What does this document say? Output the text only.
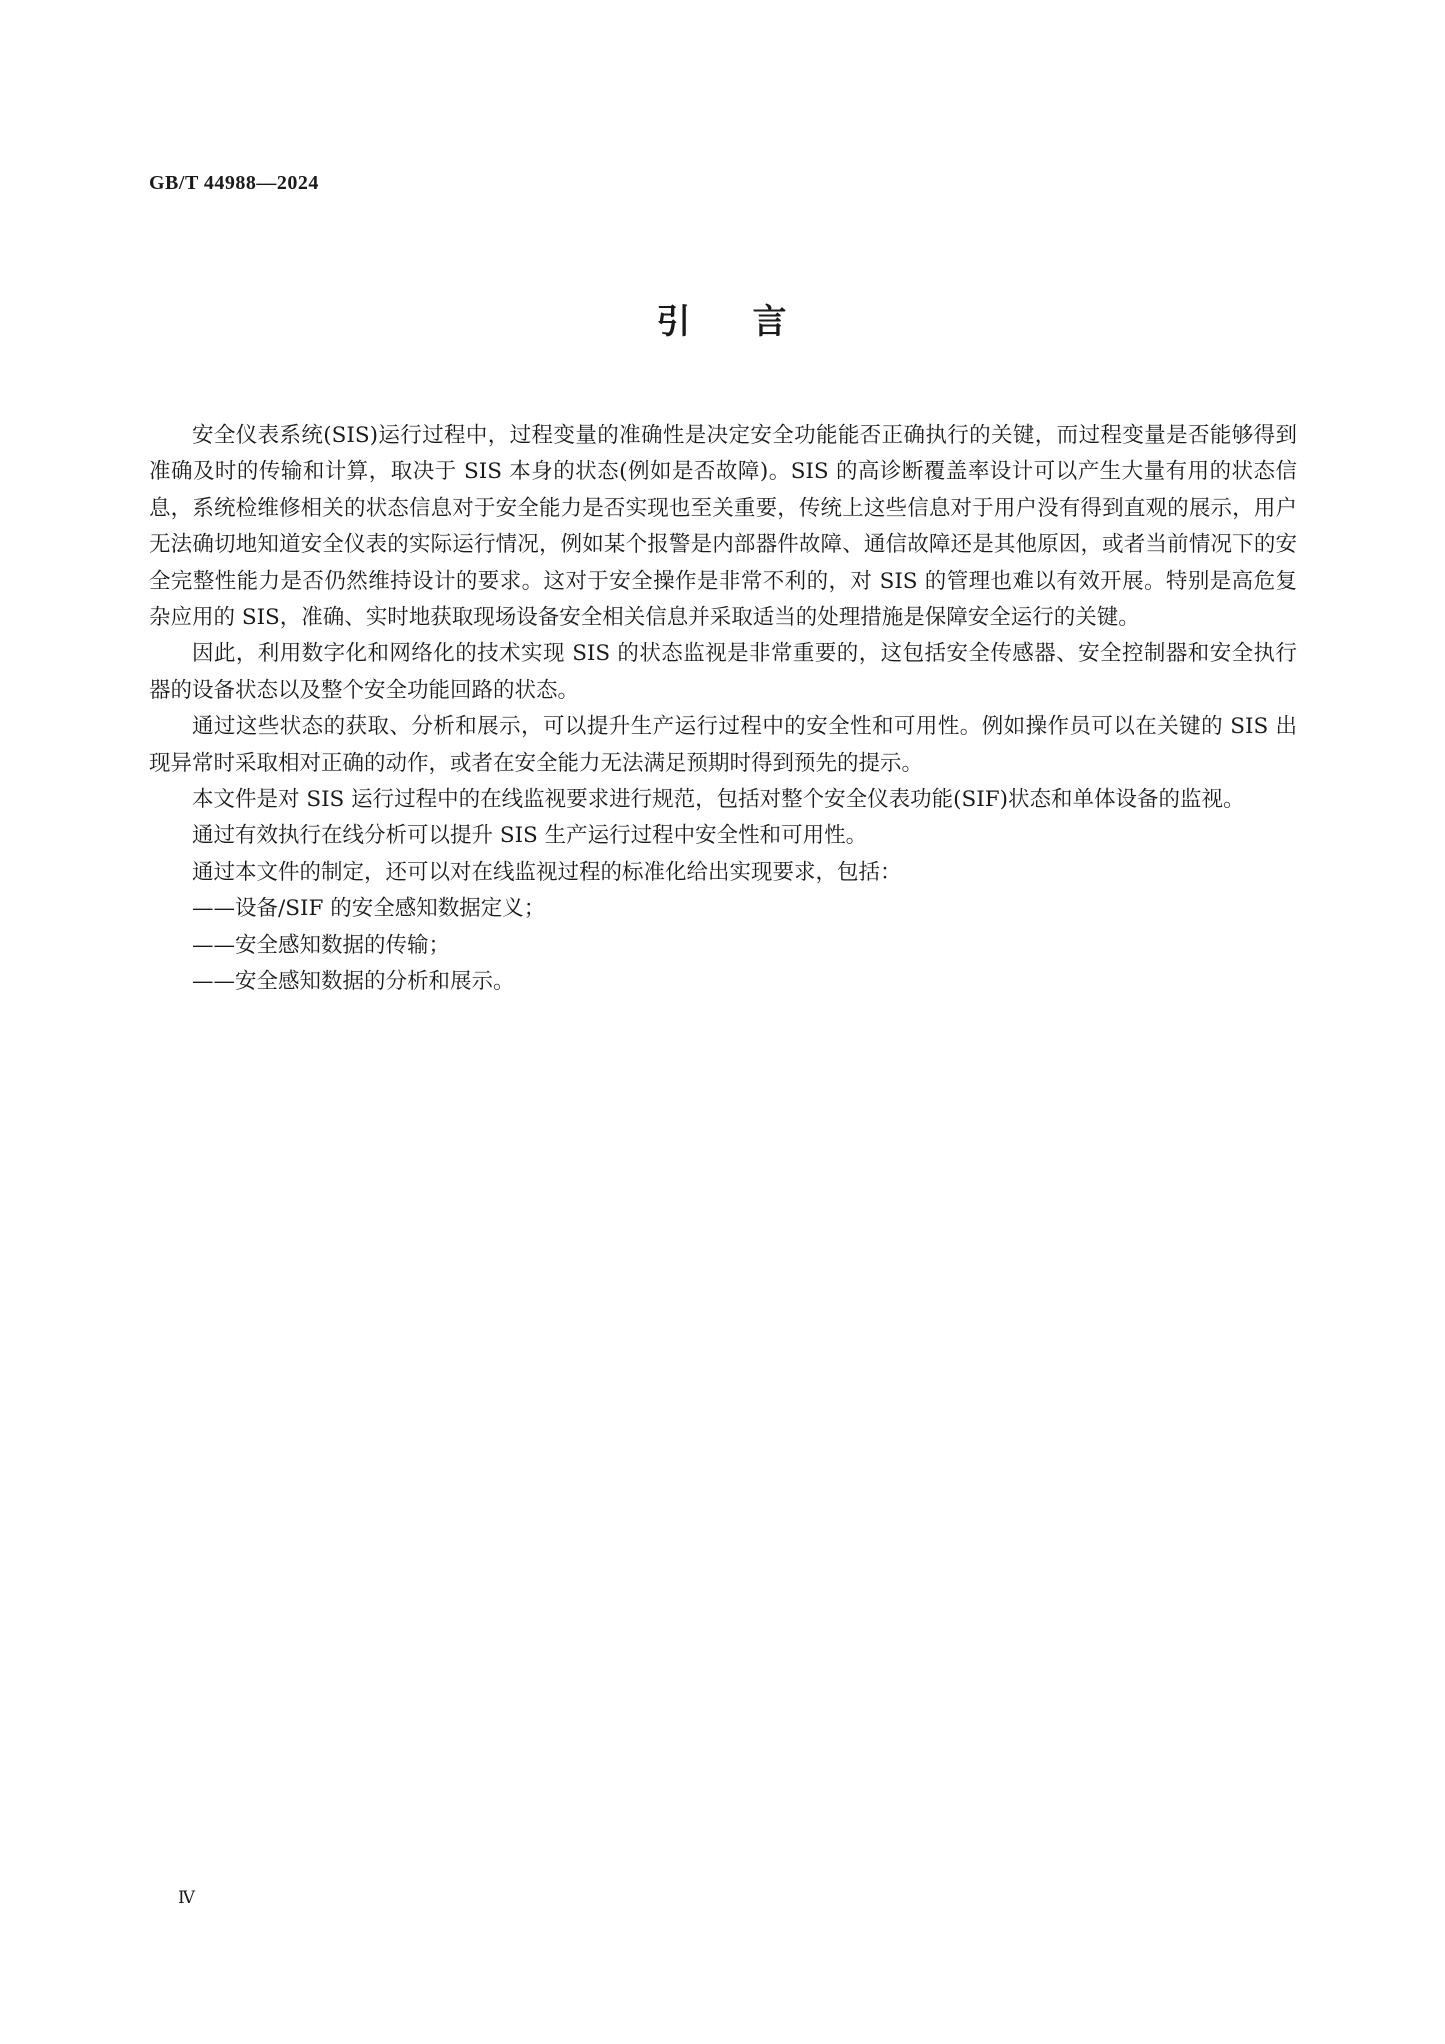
GB/T 44988—2024
引 言

安全仪表系统(SIS)运行过程中，过程变量的准确性是决定安全功能能否正确执行的关键，而过程变量是否能够得到准确及时的传输和计算，取决于 SIS 本身的状态(例如是否故障)。SIS 的高诊断覆盖率设计可以产生大量有用的状态信息，系统检维修相关的状态信息对于安全能力是否实现也至关重要，传统上这些信息对于用户没有得到直观的展示，用户无法确切地知道安全仪表的实际运行情况，例如某个报警是内部器件故障、通信故障还是其他原因，或者当前情况下的安全完整性能力是否仍然维持设计的要求。这对于安全操作是非常不利的，对 SIS 的管理也难以有效开展。特别是高危复杂应用的 SIS，准确、实时地获取现场设备安全相关信息并采取适当的处理措施是保障安全运行的关键。

因此，利用数字化和网络化的技术实现 SIS 的状态监视是非常重要的，这包括安全传感器、安全控制器和安全执行器的设备状态以及整个安全功能回路的状态。

通过这些状态的获取、分析和展示，可以提升生产运行过程中的安全性和可用性。例如操作员可以在关键的 SIS 出现异常时采取相对正确的动作，或者在安全能力无法满足预期时得到预先的提示。

本文件是对 SIS 运行过程中的在线监视要求进行规范，包括对整个安全仪表功能(SIF)状态和单体设备的监视。

通过有效执行在线分析可以提升 SIS 生产运行过程中安全性和可用性。

通过本文件的制定，还可以对在线监视过程的标准化给出实现要求，包括：

——设备/SIF 的安全感知数据定义；

——安全感知数据的传输；

——安全感知数据的分析和展示。

Ⅳ
